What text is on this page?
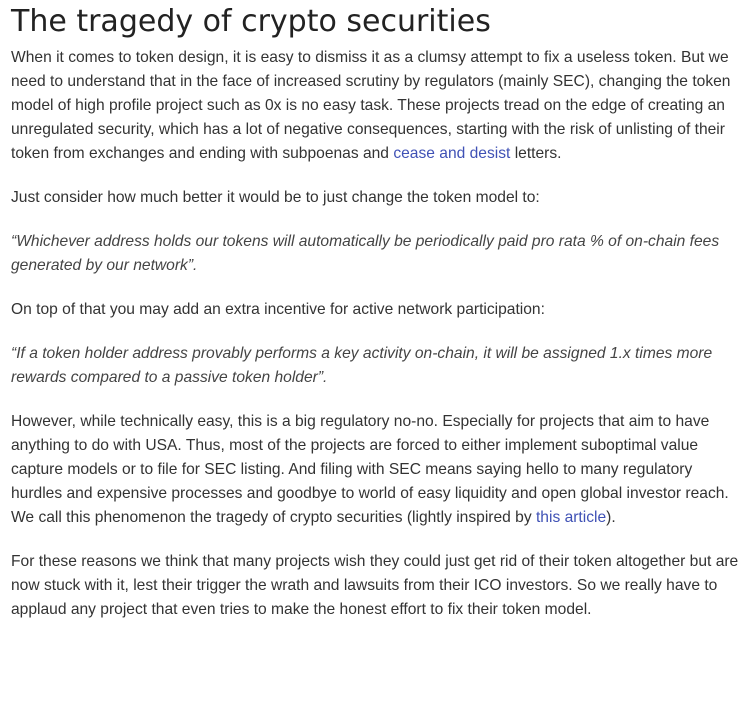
The tragedy of crypto securities

When it comes to token design, it is easy to dismiss it as a clumsy attempt to fix a useless token. But we need to understand that in the face of increased scrutiny by regulators (mainly SEC), changing the token model of high profile project such as 0x is no easy task. These projects tread on the edge of creating an unregulated security, which has a lot of negative consequences, starting with the risk of unlisting of their token from exchanges and ending with subpoenas and cease and desist letters.

Just consider how much better it would be to just change the token model to:

“Whichever address holds our tokens will automatically be periodically paid pro rata % of on-chain fees generated by our network”.

On top of that you may add an extra incentive for active network participation:

“If a token holder address provably performs a key activity on-chain, it will be assigned 1.x times more rewards compared to a passive token holder”.

However, while technically easy, this is a big regulatory no-no. Especially for projects that aim to have anything to do with USA. Thus, most of the projects are forced to either implement suboptimal value capture models or to file for SEC listing. And filing with SEC means saying hello to many regulatory hurdles and expensive processes and goodbye to world of easy liquidity and open global investor reach. We call this phenomenon the tragedy of crypto securities (lightly inspired by this article).

For these reasons we think that many projects wish they could just get rid of their token altogether but are now stuck with it, lest their trigger the wrath and lawsuits from their ICO investors. So we really have to applaud any project that even tries to make the honest effort to fix their token model.
